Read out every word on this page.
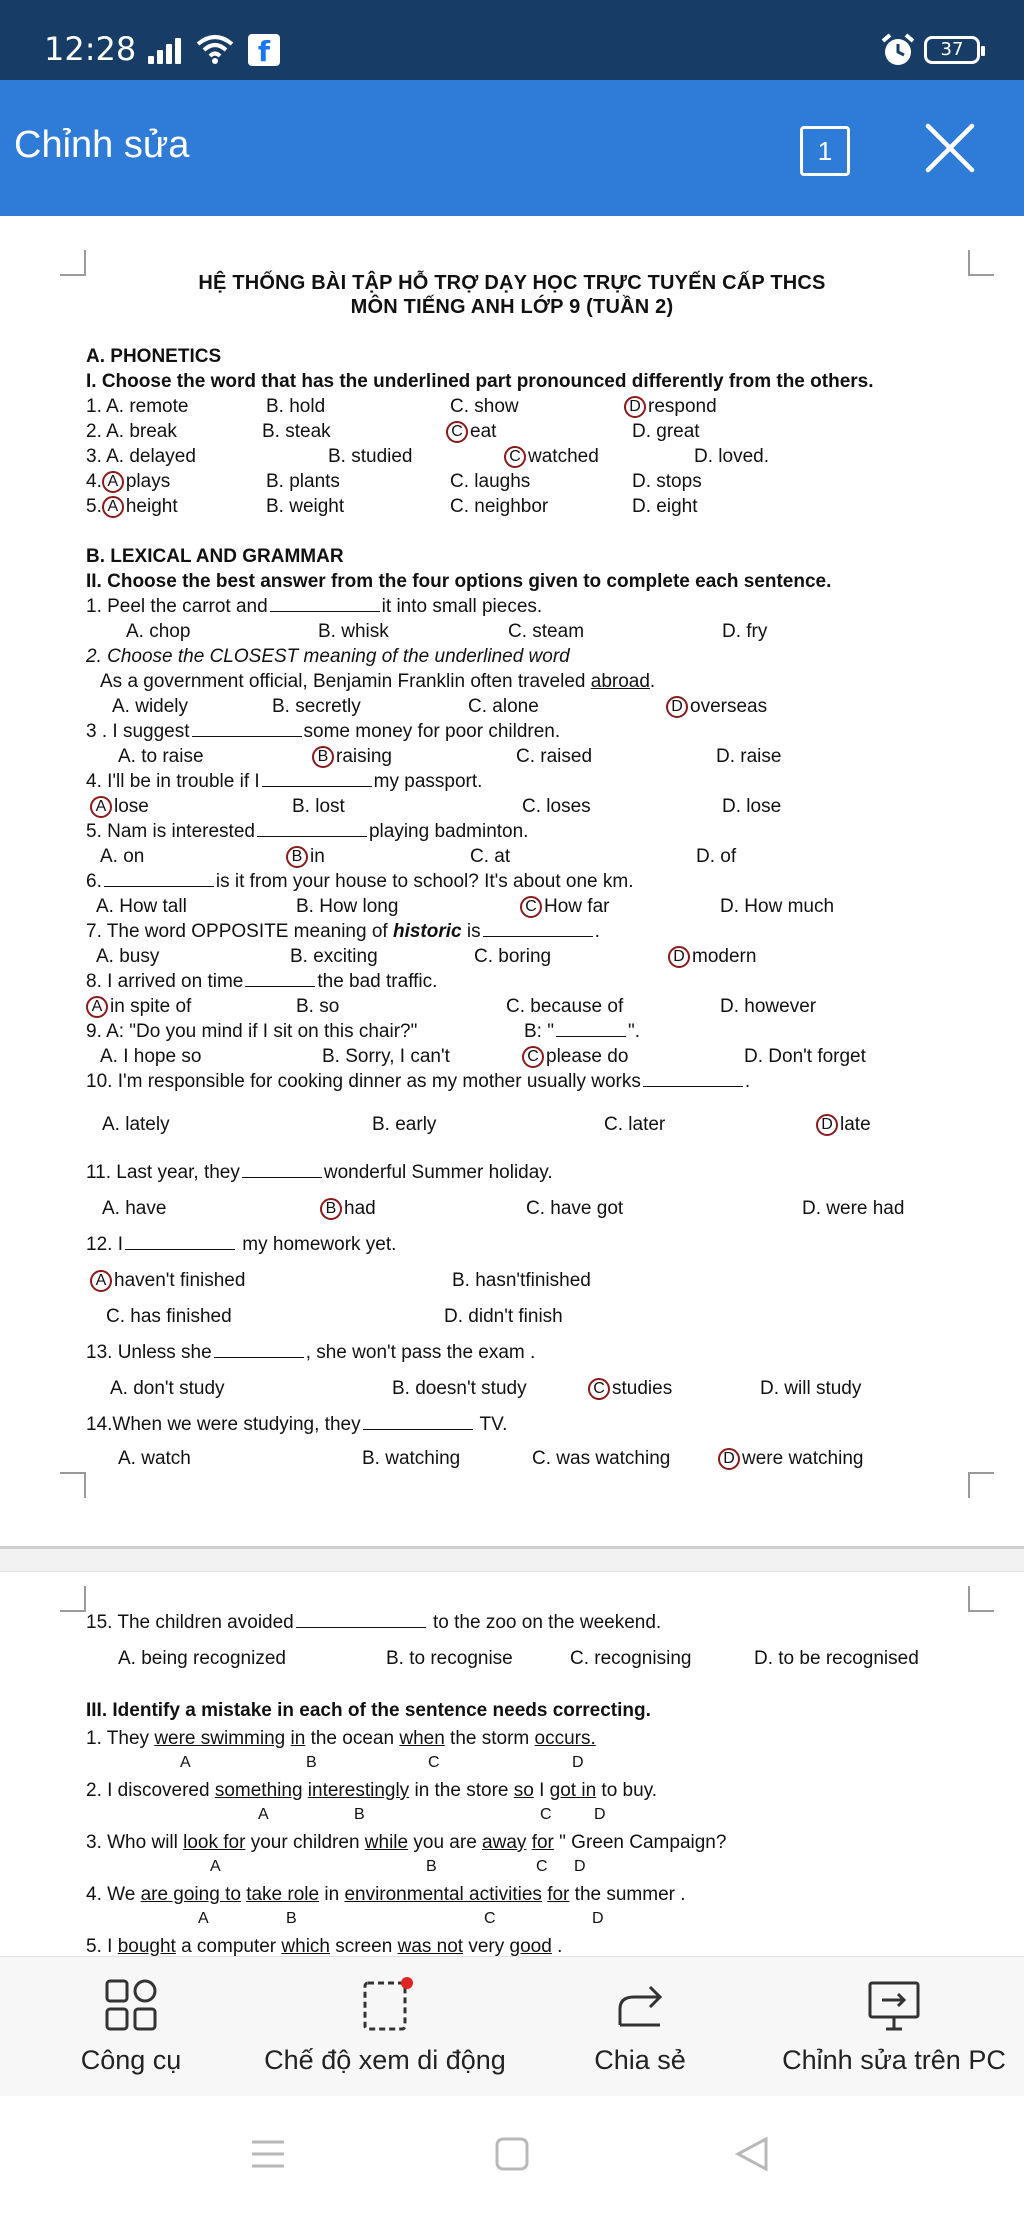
12:28	f	37
Chỉnh sửa	1
HỆ THỐNG BÀI TẬP HỖ TRỢ DẠY HỌC TRỰC TUYẾN CẤP THCS
MÔN TIẾNG ANH LỚP 9 (TUẦN 2)
A. PHONETICS
I. Choose the word that has the underlined part pronounced differently from the others.
1. A. remote	B. hold	C. show	D respond
2. A. break	B. steak	C eat	D. great
3. A. delayed	B. studied	C watched	D. loved.
4. A plays	B. plants	C. laughs	D. stops
5. A height	B. weight	C. neighbor	D. eight
B. LEXICAL AND GRAMMAR
II. Choose the best answer from the four options given to complete each sentence.
1. Peel the carrot and	it into small pieces.
A. chop	B. whisk	C. steam	D. fry
2. Choose the CLOSEST meaning of the underlined word
As a government official, Benjamin Franklin often traveled abroad.
A. widely	B. secretly	C. alone	D overseas
3 . I suggest	some money for poor children.
A. to raise	B raising	C. raised	D. raise
4. I'll be in trouble if I	my passport.
A lose	B. lost	C. loses	D. lose
5. Nam is interested	playing badminton.
A. on	B in	C. at	D. of
6.	is it from your house to school? It's about one km.
A. How tall	B. How long	C How far	D. How much
7. The word OPPOSITE meaning of historic is	.
A. busy	B. exciting	C. boring	D modern
8. I arrived on time	the bad traffic.
A in spite of	B. so	C. because of	D. however
9. A: "Do you mind if I sit on this chair?"	B: "	".
A. I hope so	B. Sorry, I can't	C please do	D. Don't forget
10. I'm responsible for cooking dinner as my mother usually works	.
A. lately	B. early	C. later	D late
11. Last year, they	wonderful Summer holiday.
A. have	B had	C. have got	D. were had
12. I	my homework yet.
A haven't finished	B. hasn'tfinished
C. has finished	D. didn't finish
13. Unless she	, she won't pass the exam .
A. don't study	B. doesn't study	C studies	D. will study
14.When we were studying, they	TV.
A. watch	B. watching	C. was watching	D were watching
15. The children avoided	to the zoo on the weekend.
A. being recognized	B. to recognise	C. recognising	D. to be recognised
III. Identify a mistake in each of the sentence needs correcting.
1. They were swimming in the ocean when the storm occurs.
A	B	C	D
2. I discovered something interestingly in the store so I got in to buy.
A	B	C	D
3. Who will look for your children while you are away for " Green Campaign?
A	B	C D
4. We are going to take role in environmental activities for the summer .
A	B	C	D
5. I bought a computer which screen was not very good .
Công cụ	Chế độ xem di động	Chia sẻ	Chỉnh sửa trên PC
